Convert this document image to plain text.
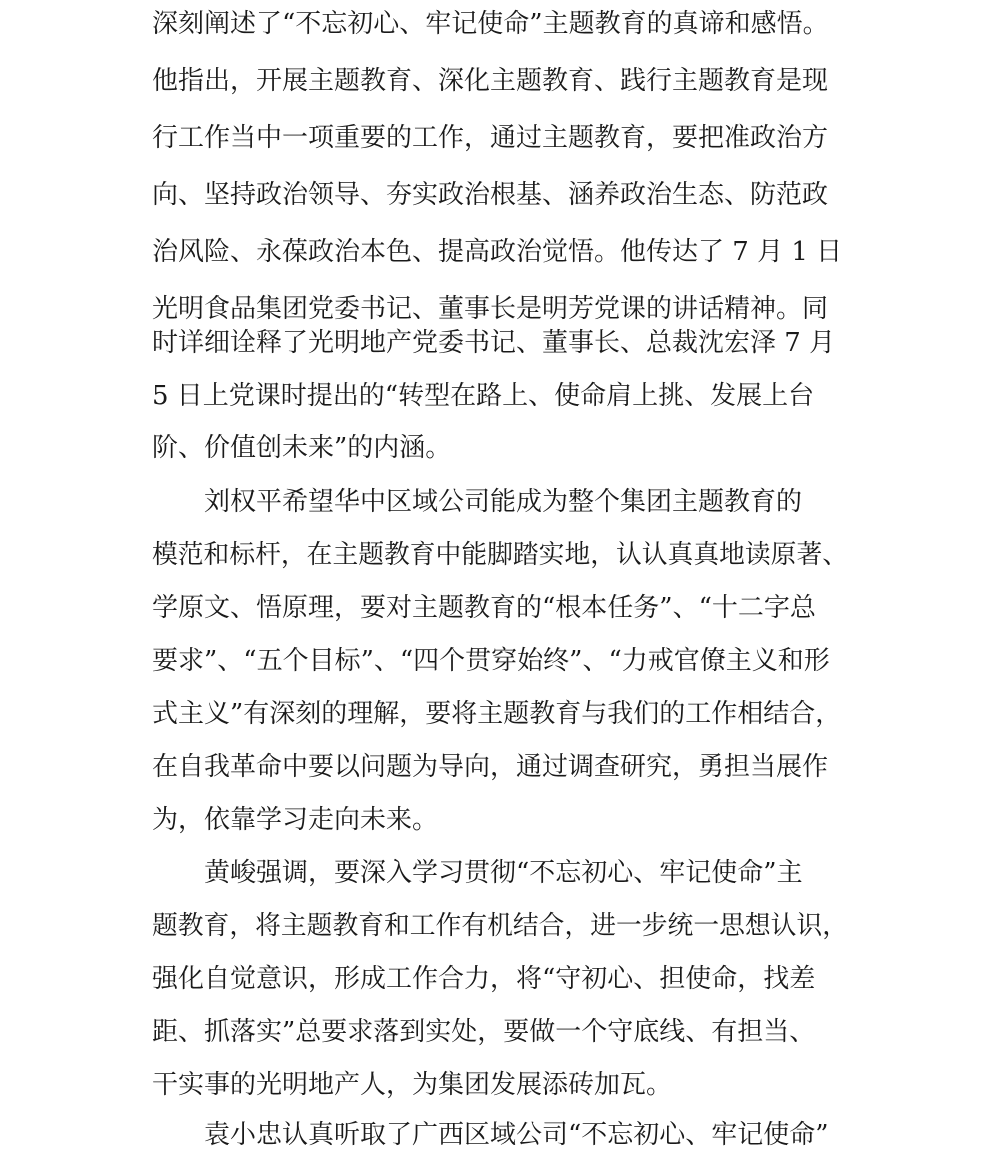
深刻阐述了“不忘初心、牢记使命”主题教育的真谛和感悟。
他指出，开展主题教育、深化主题教育、践行主题教育是现
行工作当中一项重要的工作，通过主题教育，要把准政治方
向、坚持政治领导、夯实政治根基、涵养政治生态、防范政
治风险、永葆政治本色、提高政治觉悟。他传达了 7 月 1 日
光明食品集团党委书记、董事长是明芳党课的讲话精神。同
时详细诠释了光明地产党委书记、董事长、总裁沈宏泽 7 月
5 日上党课时提出的“转型在路上、使命肩上挑、发展上台
阶、价值创未来”的内涵。
刘权平希望华中区域公司能成为整个集团主题教育的
模范和标杆，在主题教育中能脚踏实地，认认真真地读原著、
学原文、悟原理，要对主题教育的“根本任务”、“十二字总
要求”、“五个目标”、“四个贯穿始终”、“力戒官僚主义和形
式主义”有深刻的理解，要将主题教育与我们的工作相结合，
在自我革命中要以问题为导向，通过调查研究，勇担当展作
为，依靠学习走向未来。
黄峻强调，要深入学习贯彻“不忘初心、牢记使命”主
题教育，将主题教育和工作有机结合，进一步统一思想认识，
强化自觉意识，形成工作合力，将“守初心、担使命，找差
距、抓落实”总要求落到实处，要做一个守底线、有担当、
干实事的光明地产人，为集团发展添砖加瓦。
袁小忠认真听取了广西区域公司“不忘初心、牢记使命”
